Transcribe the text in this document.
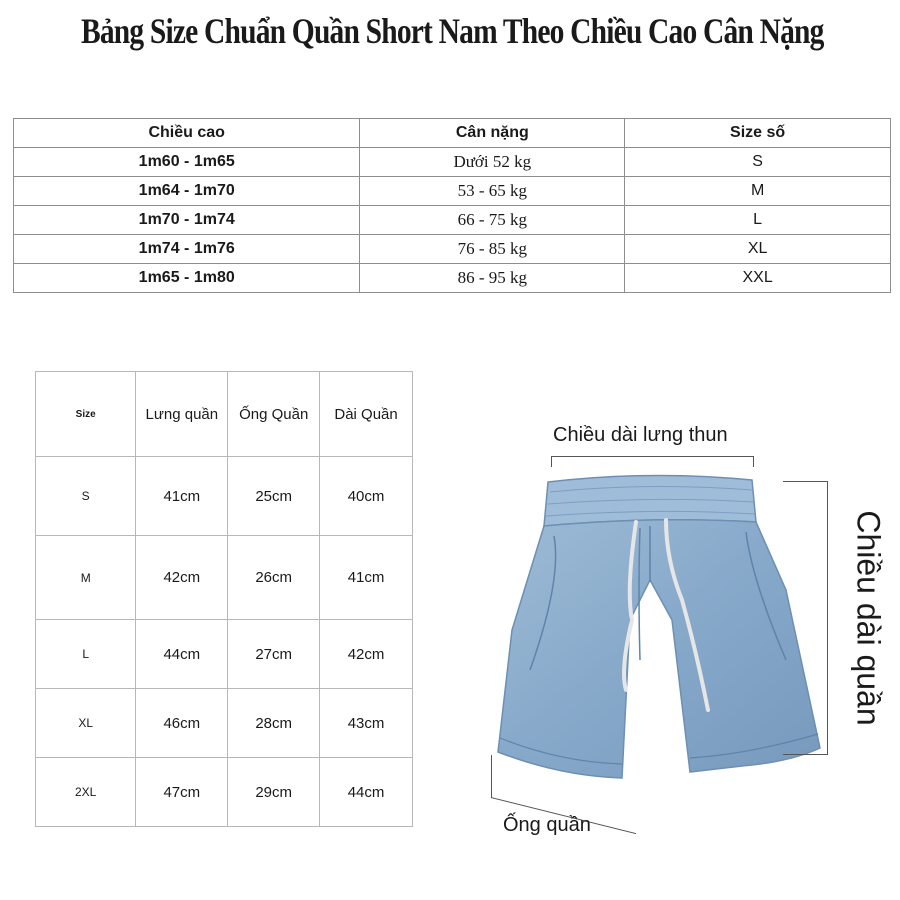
Bảng Size Chuẩn Quần Short Nam Theo Chiều Cao Cân Nặng
Chiều cao	Cân nặng	Size số
1m60 - 1m65	Dưới 52 kg	S
1m64 - 1m70	53 - 65 kg	M
1m70 - 1m74	66 - 75 kg	L
1m74 - 1m76	76 - 85 kg	XL
1m65 - 1m80	86 - 95 kg	XXL
Size	Lưng quần	Ống Quần	Dài Quần
S	41cm	25cm	40cm
M	42cm	26cm	41cm
L	44cm	27cm	42cm
XL	46cm	28cm	43cm
2XL	47cm	29cm	44cm
Chiều dài lưng thun
Chiều dài quần
Ống quần
